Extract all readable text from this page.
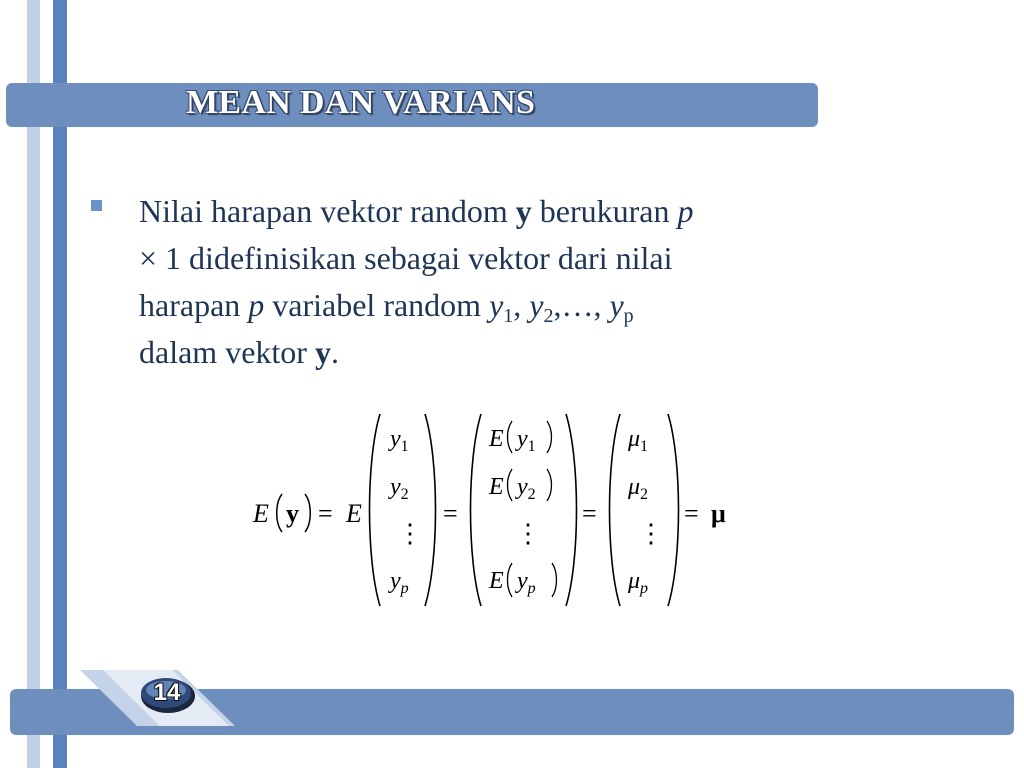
MEAN DAN VARIANS
Nilai harapan vektor random y berukuran p
× 1 didefinisikan sebagai vektor dari nilai
harapan p variabel random $y_1$, $y_2,\dots$, $y_p$
dalam vektor y.
E y = E
$y_1$
$y_2$
⋮
$y_p$
=
E $y_1$
E $y_2$
⋮
E $y_p$
=
$\mu_1$
$\mu_2$
⋮
$\mu_p$
= μ
14
